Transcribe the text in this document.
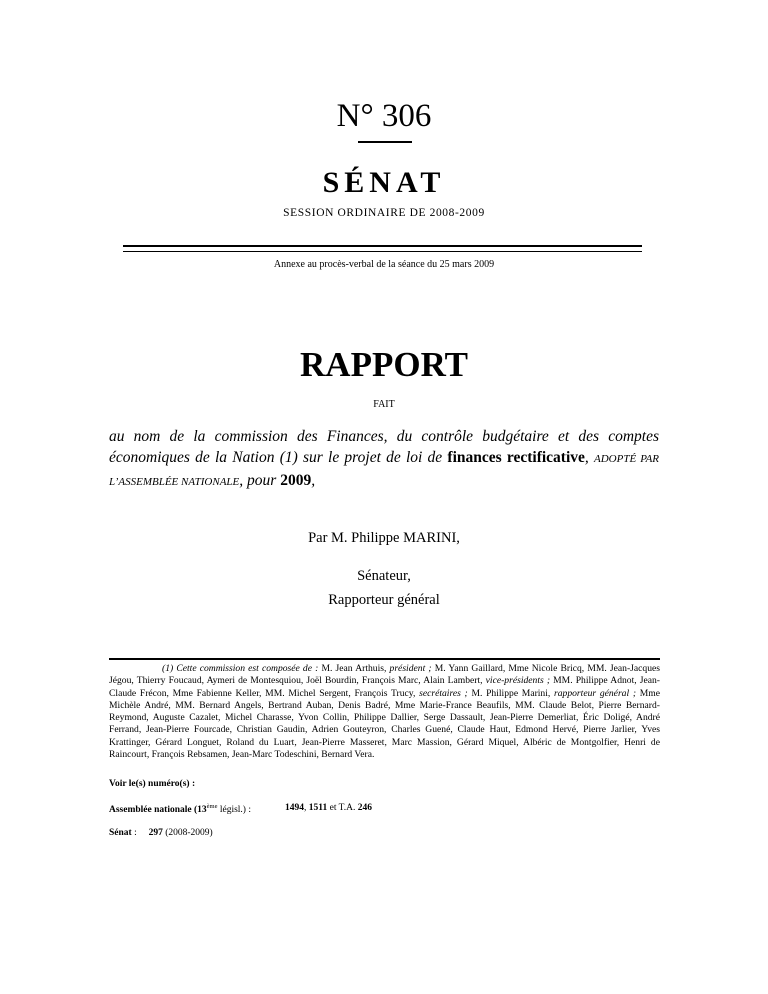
N° 306
SÉNAT
SESSION ORDINAIRE DE 2008-2009
Annexe au procès-verbal de la séance du 25 mars 2009
RAPPORT
FAIT
au nom de la commission des Finances, du contrôle budgétaire et des comptes économiques de la Nation (1) sur le projet de loi de finances rectificative, ADOPTÉ PAR L’ASSEMBLÉE NATIONALE, pour 2009,
Par M. Philippe MARINI,
Sénateur,
Rapporteur général
(1) Cette commission est composée de : M. Jean Arthuis, président ; M. Yann Gaillard, Mme Nicole Bricq, MM. Jean-Jacques Jégou, Thierry Foucaud, Aymeri de Montesquiou, Joël Bourdin, François Marc, Alain Lambert, vice-présidents ; MM. Philippe Adnot, Jean-Claude Frécon, Mme Fabienne Keller, MM. Michel Sergent, François Trucy, secrétaires ; M. Philippe Marini, rapporteur général ; Mme Michèle André, MM. Bernard Angels, Bertrand Auban, Denis Badré, Mme Marie-France Beaufils, MM. Claude Belot, Pierre Bernard-Reymond, Auguste Cazalet, Michel Charasse, Yvon Collin, Philippe Dallier, Serge Dassault, Jean-Pierre Demerliat, Éric Doligé, André Ferrand, Jean-Pierre Fourcade, Christian Gaudin, Adrien Gouteyron, Charles Guené, Claude Haut, Edmond Hervé, Pierre Jarlier, Yves Krattinger, Gérard Longuet, Roland du Luart, Jean-Pierre Masseret, Marc Massion, Gérard Miquel, Albéric de Montgolfier, Henri de Raincourt, François Rebsamen, Jean-Marc Todeschini, Bernard Vera.
Voir le(s) numéro(s) :
Assemblée nationale (13ème législ.) :	1494, 1511 et T.A. 246
Sénat :     297 (2008-2009)
